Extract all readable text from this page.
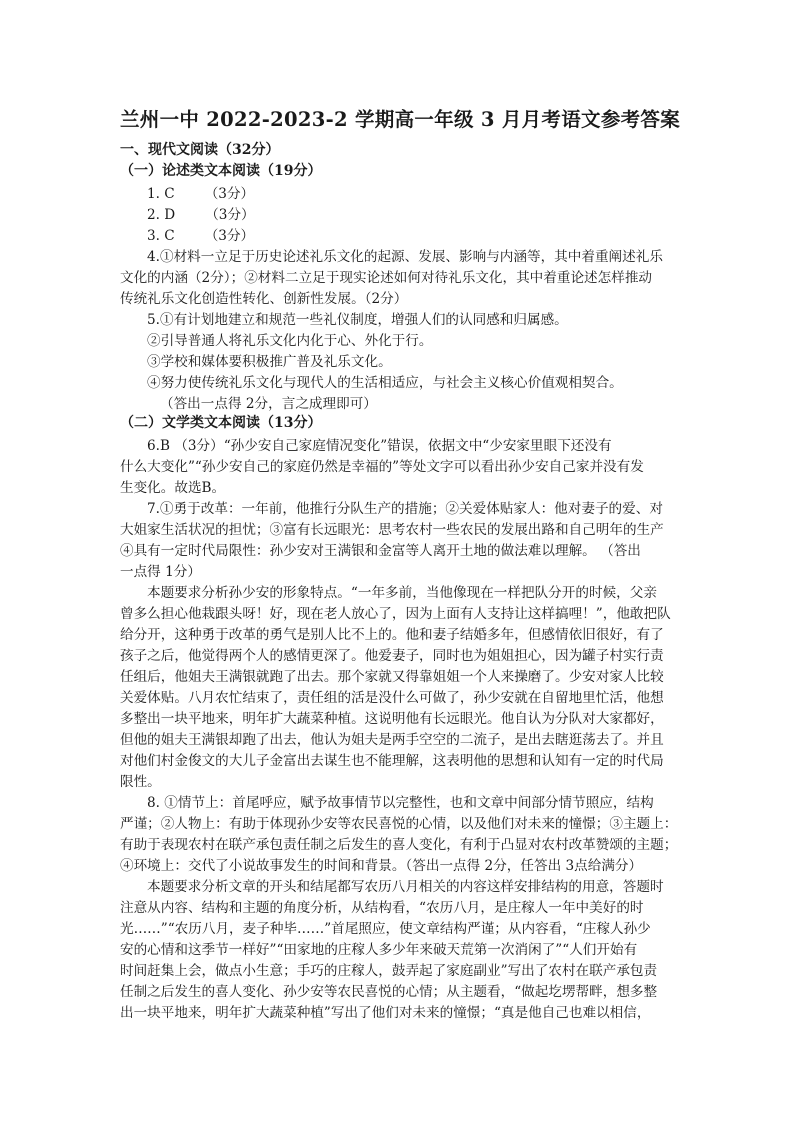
兰州一中 2022-2023-2 学期高一年级 3 月月考语文参考答案
一、现代文阅读（32分）
（一）论述类文本阅读（19分）
1. C （3分）
2. D （3分）
3. C （3分）
4.①材料一立足于历史论述礼乐文化的起源、发展、影响与内涵等，其中着重阐述礼乐
文化的内涵（2分）；②材料二立足于现实论述如何对待礼乐文化，其中着重论述怎样推动
传统礼乐文化创造性转化、创新性发展。（2分）
5.①有计划地建立和规范一些礼仪制度，增强人们的认同感和归属感。
②引导普通人将礼乐文化内化于心、外化于行。
③学校和媒体要积极推广普及礼乐文化。
④努力使传统礼乐文化与现代人的生活相适应，与社会主义核心价值观相契合。
（答出一点得 2分，言之成理即可）
（二）文学类文本阅读（13分）
6.B （3分）“孙少安自己家庭情况变化”错误，依据文中“少安家里眼下还没有
什么大变化”“孙少安自己的家庭仍然是幸福的”等处文字可以看出孙少安自己家并没有发
生变化。故选B。
7.①勇于改革：一年前，他推行分队生产的措施；②关爱体贴家人：他对妻子的爱、对
大姐家生活状况的担忧；③富有长远眼光：思考农村一些农民的发展出路和自己明年的生产
④具有一定时代局限性：孙少安对王满银和金富等人离开土地的做法难以理解。 （答出
一点得 1分）
本题要求分析孙少安的形象特点。“一年多前，当他像现在一样把队分开的时候，父亲
曾多么担心他栽跟头呀！好，现在老人放心了，因为上面有人支持让这样搞哩！”，他敢把队
给分开，这种勇于改革的勇气是别人比不上的。他和妻子结婚多年，但感情依旧很好，有了
孩子之后，他觉得两个人的感情更深了。他爱妻子，同时也为姐姐担心，因为罐子村实行责
任组后，他姐夫王满银就跑了出去。那个家就又得靠姐姐一个人来操磨了。少安对家人比较
关爱体贴。八月农忙结束了，责任组的活是没什么可做了，孙少安就在自留地里忙活，他想
多整出一块平地来，明年扩大蔬菜种植。这说明他有长远眼光。他自认为分队对大家都好，
但他的姐夫王满银却跑了出去，他认为姐夫是两手空空的二流子，是出去瞎逛荡去了。并且
对他们村金俊文的大儿子金富出去谋生也不能理解，这表明他的思想和认知有一定的时代局
限性。
8. ①情节上：首尾呼应，赋予故事情节以完整性，也和文章中间部分情节照应，结构
严谨；②人物上：有助于体现孙少安等农民喜悦的心情，以及他们对未来的憧憬；③主题上：
有助于表现农村在联产承包责任制之后发生的喜人变化，有利于凸显对农村改革赞颂的主题；
④环境上：交代了小说故事发生的时间和背景。（答出一点得 2分，任答出 3点给满分）
本题要求分析文章的开头和结尾都写农历八月相关的内容这样安排结构的用意，答题时
注意从内容、结构和主题的角度分析，从结构看，“农历八月，是庄稼人一年中美好的时
光……”“农历八月，麦子种毕……”首尾照应，使文章结构严谨；从内容看，“庄稼人孙少
安的心情和这季节一样好”“田家地的庄稼人多少年来破天荒第一次消闲了”“人们开始有
时间赶集上会，做点小生意；手巧的庄稼人，鼓弄起了家庭副业”写出了农村在联产承包责
任制之后发生的喜人变化、孙少安等农民喜悦的心情；从主题看，“做起圪塄帮畔，想多整
出一块平地来，明年扩大蔬菜种植”写出了他们对未来的憧憬；“真是他自己也难以相信，
